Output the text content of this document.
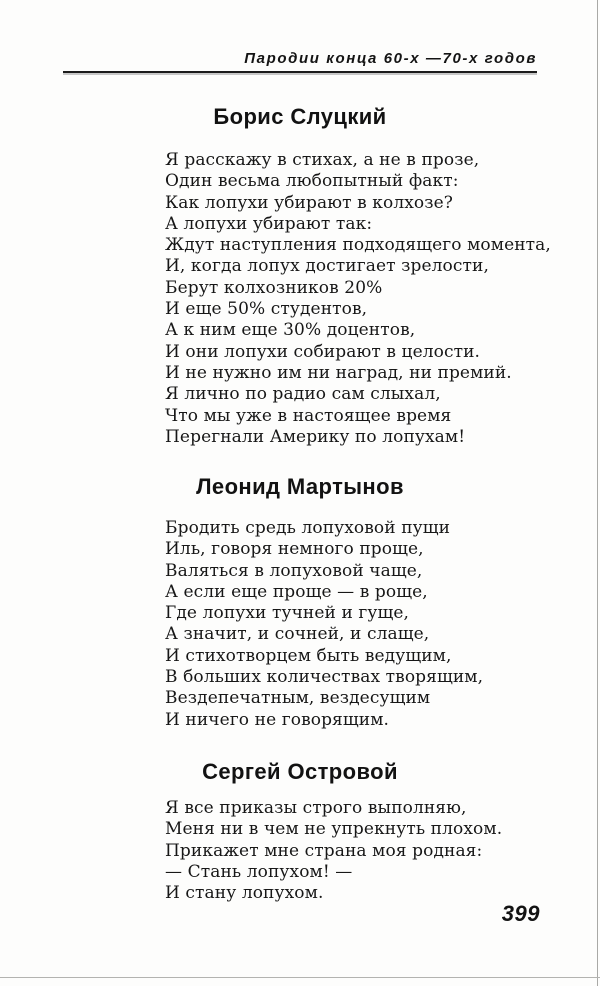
Пародии конца 60-х —70-х годов
Борис Слуцкий
Я расскажу в стихах, а не в прозе,
Один весьма любопытный факт:
Как лопухи убирают в колхозе?
А лопухи убирают так:
Ждут наступления подходящего момента,
И, когда лопух достигает зрелости,
Берут колхозников 20%
И еще 50% студентов,
А к ним еще 30% доцентов,
И они лопухи собирают в целости.
И не нужно им ни наград, ни премий.
Я лично по радио сам слыхал,
Что мы уже в настоящее время
Перегнали Америку по лопухам!
Леонид Мартынов
Бродить средь лопуховой пущи
Иль, говоря немного проще,
Валяться в лопуховой чаще,
А если еще проще — в роще,
Где лопухи тучней и гуще,
А значит, и сочней, и слаще,
И стихотворцем быть ведущим,
В больших количествах творящим,
Вездепечатным, вездесущим
И ничего не говорящим.
Сергей Островой
Я все приказы строго выполняю,
Меня ни в чем не упрекнуть плохом.
Прикажет мне страна моя родная:
— Стань лопухом! —
И стану лопухом.
399
